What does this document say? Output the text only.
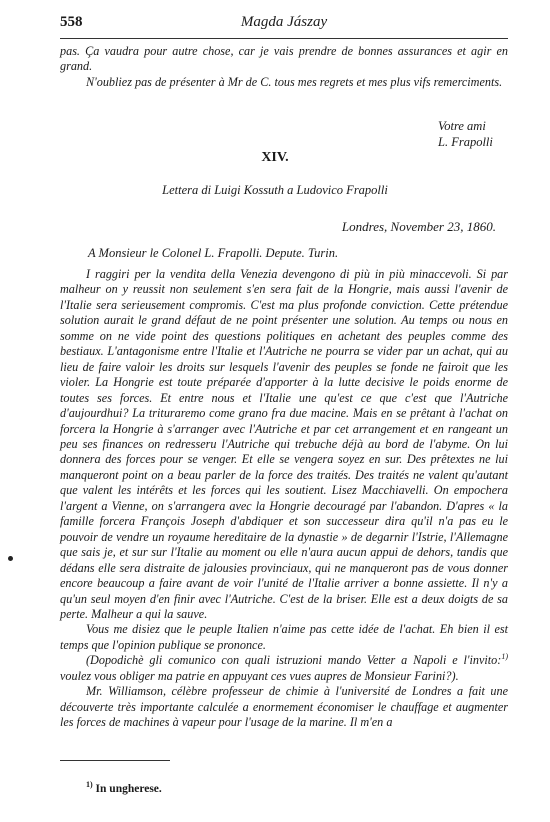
558	Magda Jászay

pas. Ça vaudra pour autre chose, car je vais prendre de bonnes assurances et agir en grand.

N'oubliez pas de présenter à Mr de C. tous mes regrets et mes plus vifs remerciments.

Votre ami

L. Frapolli
XIV.
Lettera di Luigi Kossuth a Ludovico Frapolli
Londres, November 23, 1860.
A Monsieur le Colonel L. Frapolli. Depute. Turin.

I raggiri per la vendita della Venezia devengono di più in più minaccevoli. Si par malheur on y reussit non seulement s'en sera fait de la Hongrie, mais aussi l'avenir de l'Italie sera serieusement compromis. C'est ma plus profonde conviction. Cette prétendue solution aurait le grand défaut de ne point présenter une solution. Au temps ou nous en somme on ne vide point des questions politiques en achetant des peuples comme des bestiaux. L'antagonisme entre l'Italie et l'Autriche ne pourra se vider par un achat, qui au lieu de faire valoir les droits sur lesquels l'avenir des peuples se fonde ne fairoit que les violer. La Hongrie est toute préparée d'apporter à la lutte decisive le poids enorme de toutes ses forces. Et entre nous et l'Italie une qu'est ce que c'est que l'Autriche d'aujourdhui? La trituraremo come grano fra due macine. Mais en se prêtant à l'achat on forcera la Hongrie à s'arranger avec l'Autriche et par cet arrangement et en rangeant un peu ses finances on redresseru l'Autriche qui trebuche déjà au bord de l'abyme. On lui donnera des forces pour se venger. Et elle se vengera soyez en sur. Des prêtextes ne lui manqueront point on a beau parler de la force des traités. Des traités ne valent qu'autant que valent les intérêts et les forces qui les soutient. Lisez Macchiavelli. On empochera l'argent a Vienne, on s'arrangera avec la Hongrie decouragé par l'abandon. D'apres « la famille forcera François Joseph d'abdiquer et son successeur dira qu'il n'a pas eu le pouvoir de vendre un royaume hereditaire de la dynastie » de degarnir l'Istrie, l'Allemagne que sais je, et sur sur l'Italie au moment ou elle n'aura aucun appui de dehors, tandis que dédans elle sera distraite de jalousies provinciaux, qui ne manqueront pas de vous donner encore beaucoup a faire avant de voir l'unité de l'Italie arriver a bonne assiette. Il n'y a qu'un seul moyen d'en finir avec l'Autriche. C'est de la briser. Elle est a deux doigts de sa perte. Malheur a qui la sauve.

Vous me disiez que le peuple Italien n'aime pas cette idée de l'achat. Eh bien il est temps que l'opinion publique se prononce.

(Dopodichè gli comunico con quali istruzioni mando Vetter a Napoli e l'invito:$^{1)}$ voulez vous obliger ma patrie en appuyant ces vues aupres de Monsieur Farini?).

Mr. Williamson, célèbre professeur de chimie à l'université de Londres a fait une découverte très importante calculée a enormement économiser le chauffage et augmenter les forces de machines à vapeur pour l'usage de la marine. Il m'en a

$^{1)}$ In ungherese.
